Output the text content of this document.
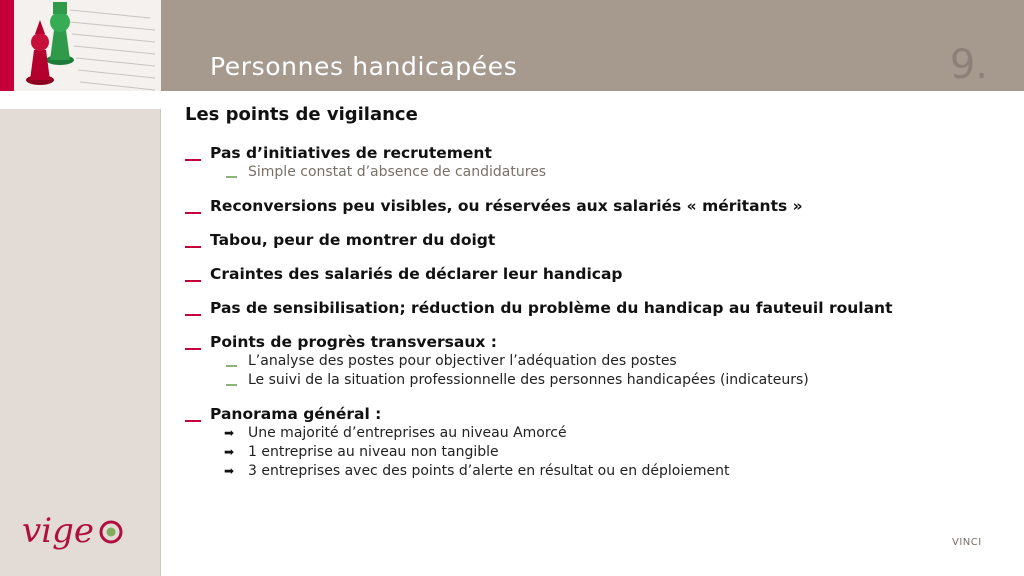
Personnes handicapées	9.
Les points de vigilance
Pas d’initiatives de recrutement
Simple constat d’absence de candidatures
Reconversions peu visibles, ou réservées aux salariés « méritants »
Tabou, peur de montrer du doigt
Craintes des salariés de déclarer leur handicap
Pas de sensibilisation; réduction du problème du handicap au fauteuil roulant
Points de progrès transversaux :
L’analyse des postes pour objectiver l’adéquation des postes
Le suivi de la situation professionnelle des personnes handicapées (indicateurs)
Panorama général :
➡ Une majorité d’entreprises au niveau Amorcé
➡ 1 entreprise au niveau non tangible
➡ 3 entreprises avec des points d’alerte en résultat ou en déploiement
vige	VINCI
